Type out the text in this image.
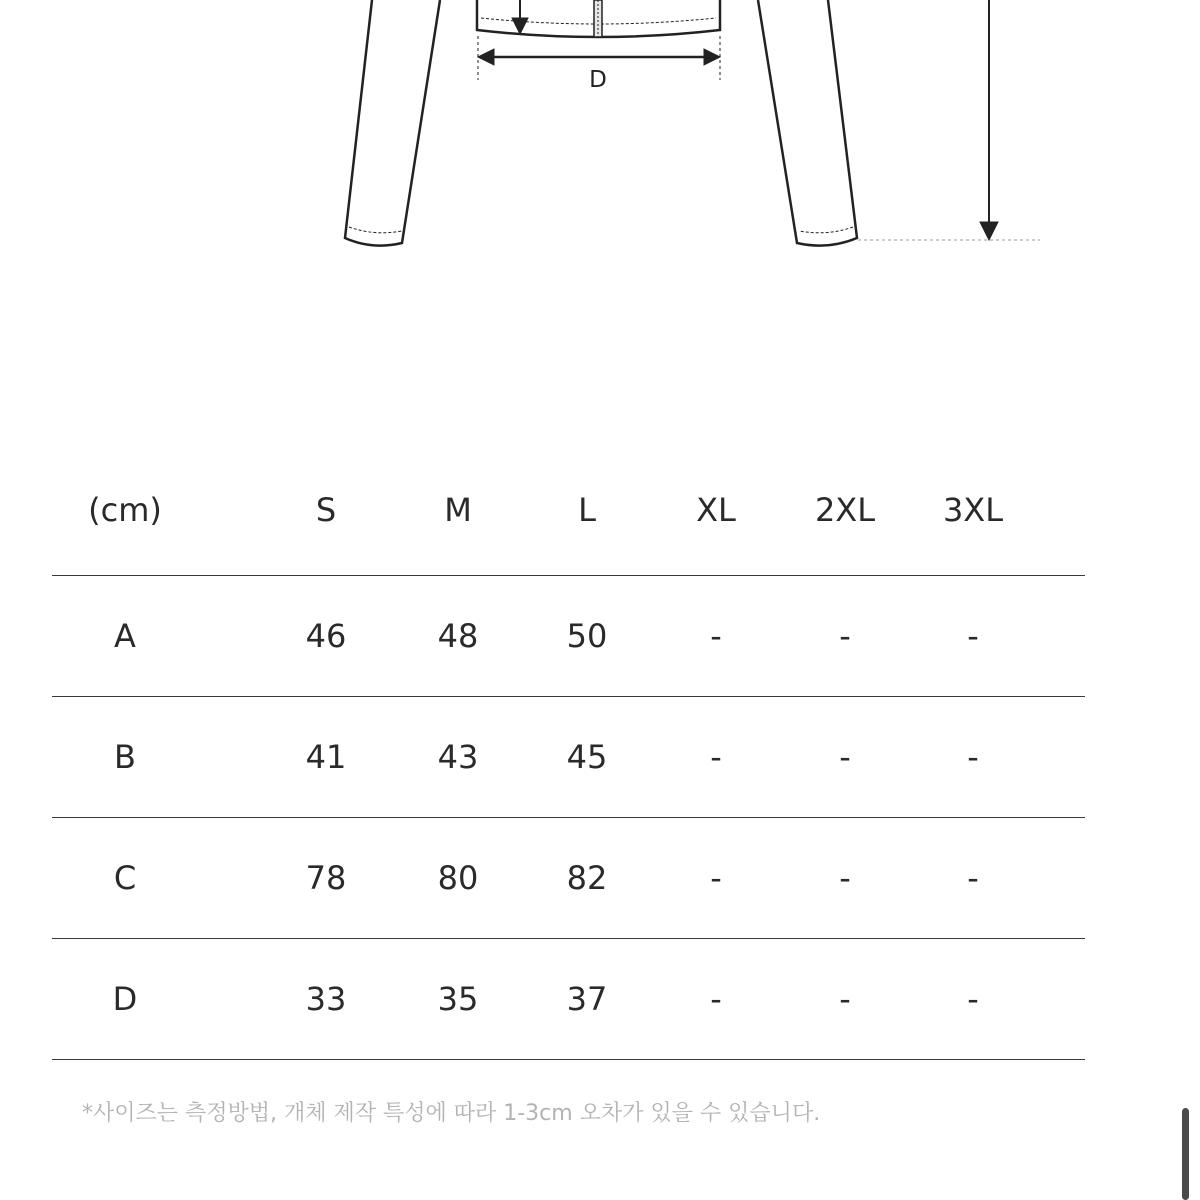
D
(cm)	S	M	L	XL	2XL	3XL
A	46	48	50	-	-	-
B	41	43	45	-	-	-
C	78	80	82	-	-	-
D	33	35	37	-	-	-
*사이즈는 측정방법, 개체 제작 특성에 따라 1-3cm 오차가 있을 수 있습니다.
